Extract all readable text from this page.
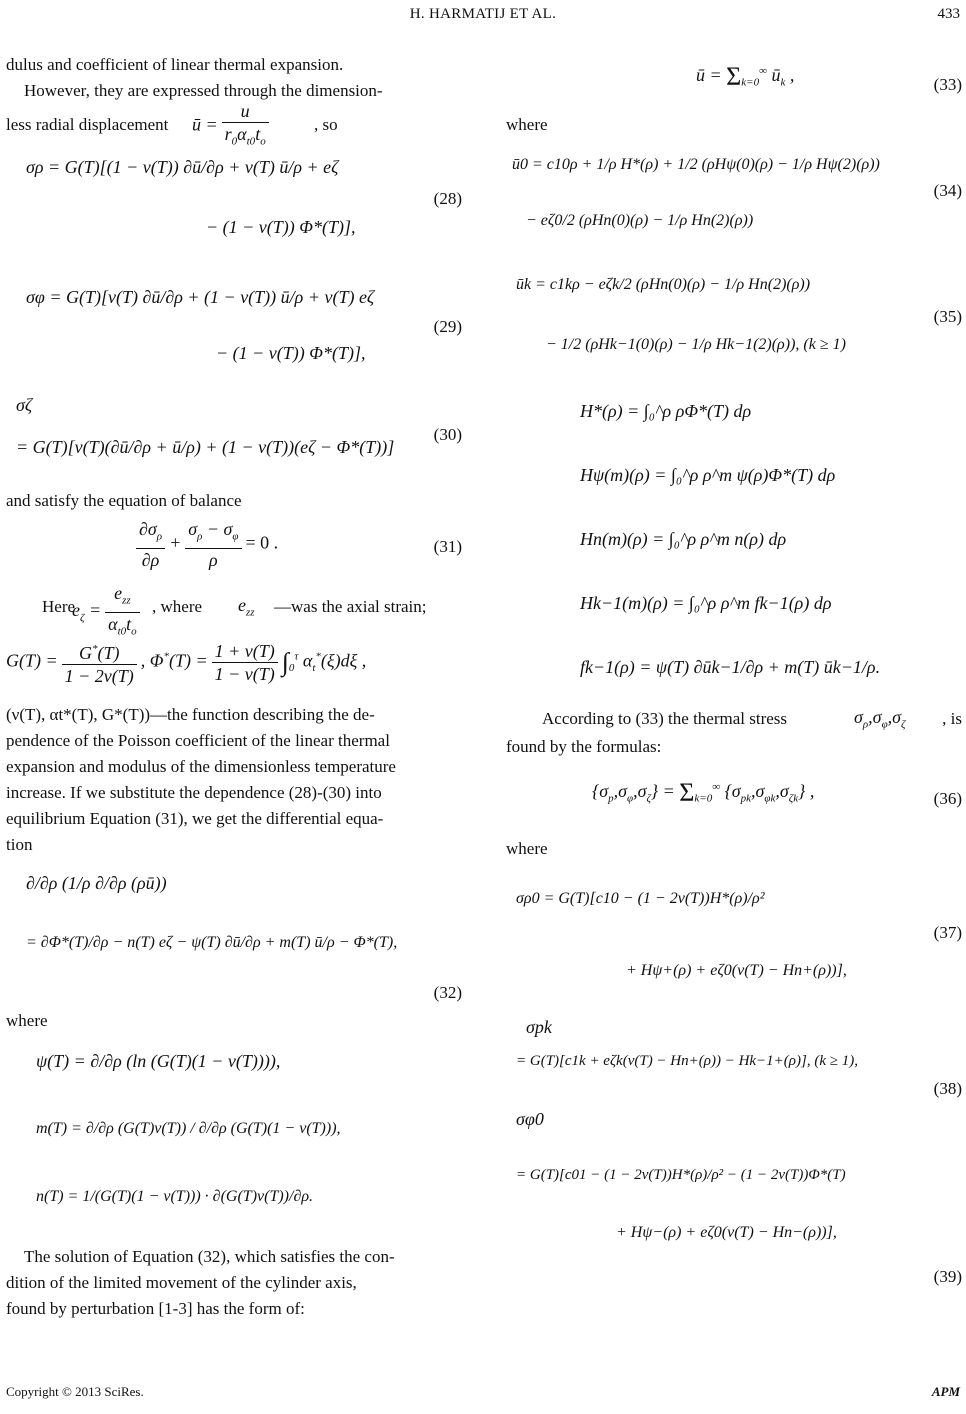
H. HARMATIJ ET AL.	433

dulus and coefficient of linear thermal expansion.

However, they are expressed through the dimension-

less radial displacement ū = $\frac{u}{r_0\alpha_{t0}t_o}$	, so
σρ = G(T)[(1 − ν(T)) ∂ū/∂ρ + ν(T) ū/ρ + eζ
− (1 − ν(T)) Φ*(T)],
(28)
σφ = G(T)[ν(T) ∂ū/∂ρ + (1 − ν(T)) ū/ρ + ν(T) eζ
− (1 − ν(T)) Φ*(T)],
(29)
σζ
= G(T)[ν(T)(∂ū/∂ρ + ū/ρ) + (1 − ν(T))(eζ − Φ*(T))]
(30)

and satisfy the equation of balance

$\frac{\partial\sigma_\rho}{\partial\rho} + \frac{\sigma_\rho - \sigma_\varphi}{\rho} = 0$ .	(31)
Here
$e_\zeta = \frac{e_{zz}}{\alpha_{t0}t_o}$ , where $e_{zz}$ —was the axial strain;
$G(T) = \frac{G^*(T)}{1 - 2\nu(T)}$ , $\Phi^*(T) = \frac{1 + \nu(T)}{1 - \nu(T)} \int_0^\tau$ $\alpha_t^*(\xi)d\xi$ ,

(ν(T), αt*(T), G*(T))—the function describing the de-

pendence of the Poisson coefficient of the linear thermal

expansion and modulus of the dimensionless temperature

increase. If we substitute the dependence (28)-(30) into

equilibrium Equation (31), we get the differential equa-

tion

∂/∂ρ (1/ρ ∂/∂ρ (ρū))
= ∂Φ*(T)/∂ρ − n(T) eζ − ψ(T) ∂ū/∂ρ + m(T) ū/ρ − Φ*(T),
(32)

where

ψ(T) = ∂/∂ρ (ln (G(T)(1 − ν(T)))),
m(T) = ∂/∂ρ (G(T)ν(T)) / ∂/∂ρ (G(T)(1 − ν(T))),
n(T) = 1/(G(T)(1 − ν(T))) · ∂(G(T)ν(T))/∂ρ.

The solution of Equation (32), which satisfies the con-

dition of the limited movement of the cylinder axis,

found by perturbation [1-3] has the form of:

ū = $\Sigma_{k=0}^\infty$ $ū_k$ ,	(33)

where

ū0 = c10ρ + 1/ρ H*(ρ) + 1/2 (ρHψ(0)(ρ) − 1/ρ Hψ(2)(ρ))
− eζ0/2 (ρHn(0)(ρ) − 1/ρ Hn(2)(ρ))
(34)
ūk = c1kρ − eζk/2 (ρHn(0)(ρ) − 1/ρ Hn(2)(ρ))
− 1/2 (ρHk−1(0)(ρ) − 1/ρ Hk−1(2)(ρ)), (k ≥ 1)
(35)
H*(ρ) = ∫₀^ρ ρΦ*(T) dρ
Hψ(m)(ρ) = ∫₀^ρ ρ^m ψ(ρ)Φ*(T) dρ
Hn(m)(ρ) = ∫₀^ρ ρ^m n(ρ) dρ
Hk−1(m)(ρ) = ∫₀^ρ ρ^m fk−1(ρ) dρ
fk−1(ρ) = ψ(T) ∂ūk−1/∂ρ + m(T) ūk−1/ρ.
According to (33) the thermal stress	$\sigma_\rho,\sigma_\varphi,\sigma_\zeta$ , is

found by the formulas:

$\{\sigma_p,\sigma_\varphi,\sigma_\zeta\} = \Sigma_{k=0}^\infty$ $\{\sigma_{pk},\sigma_{\varphi k},\sigma_{\zeta k}\}$ ,	(36)

where

σρ0 = G(T)[c10 − (1 − 2ν(T))H*(ρ)/ρ²
+ Hψ+(ρ) + eζ0(ν(T) − Hn+(ρ))],
(37)
σpk
= G(T)[c1k + eζk(ν(T) − Hn+(ρ)) − Hk−1+(ρ)], (k ≥ 1),
(38)
σφ0
= G(T)[c01 − (1 − 2ν(T))H*(ρ)/ρ² − (1 − 2ν(T))Φ*(T)
+ Hψ−(ρ) + eζ0(ν(T) − Hn−(ρ))],
(39)
Copyright © 2013 SciRes.	APM
